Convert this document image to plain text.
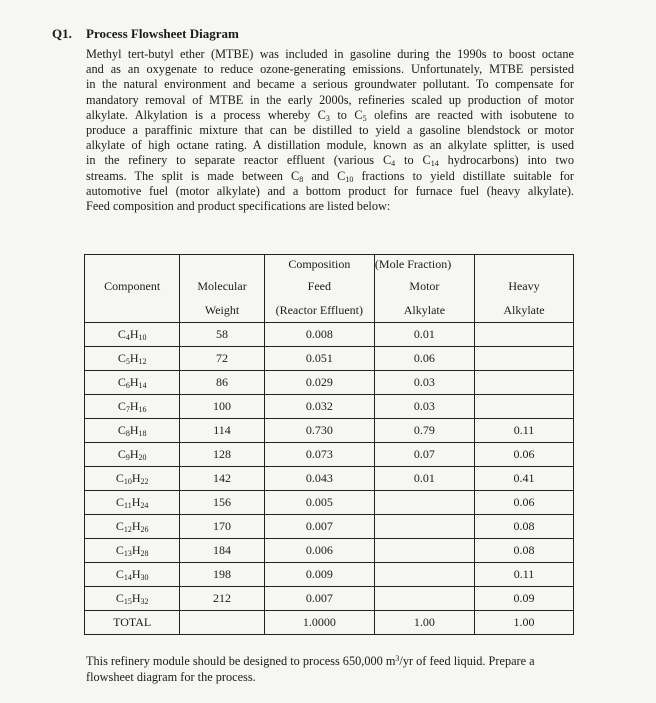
Q1. Process Flowsheet Diagram

Methyl tert-butyl ether (MTBE) was included in gasoline during the 1990s to boost octane

and as an oxygenate to reduce ozone-generating emissions. Unfortunately, MTBE persisted

in the natural environment and became a serious groundwater pollutant. To compensate for

mandatory removal of MTBE in the early 2000s, refineries scaled up production of motor

alkylate. Alkylation is a process whereby $C_3$ to $C_5$ olefins are reacted with isobutene to

produce a paraffinic mixture that can be distilled to yield a gasoline blendstock or motor

alkylate of high octane rating. A distillation module, known as an alkylate splitter, is used

in the refinery to separate reactor effluent (various $C_4$ to $C_{14}$ hydrocarbons) into two

streams. The split is made between $C_8$ and $C_{10}$ fractions to yield distillate suitable for

automotive fuel (motor alkylate) and a bottom product for furnace fuel (heavy alkylate).

Feed composition and product specifications are listed below:

		Composition	(Mole Fraction)	
Component	Molecular	Feed	Motor	Heavy
	Weight	(Reactor Effluent)	Alkylate	Alkylate
$C_4H_{10}$	58	0.008	0.01	
$C_5H_{12}$	72	0.051	0.06	
$C_6H_{14}$	86	0.029	0.03	
$C_7H_{16}$	100	0.032	0.03	
$C_8H_{18}$	114	0.730	0.79	0.11
$C_9H_{20}$	128	0.073	0.07	0.06
$C_{10}H_{22}$	142	0.043	0.01	0.41
$C_{11}H_{24}$	156	0.005		0.06
$C_{12}H_{26}$	170	0.007		0.08
$C_{13}H_{28}$	184	0.006		0.08
$C_{14}H_{30}$	198	0.009		0.11
$C_{15}H_{32}$	212	0.007		0.09
TOTAL		1.0000	1.00	1.00
This refinery module should be designed to process 650,000 $m^3/yr$ of feed liquid. Prepare a flowsheet diagram for the process.
